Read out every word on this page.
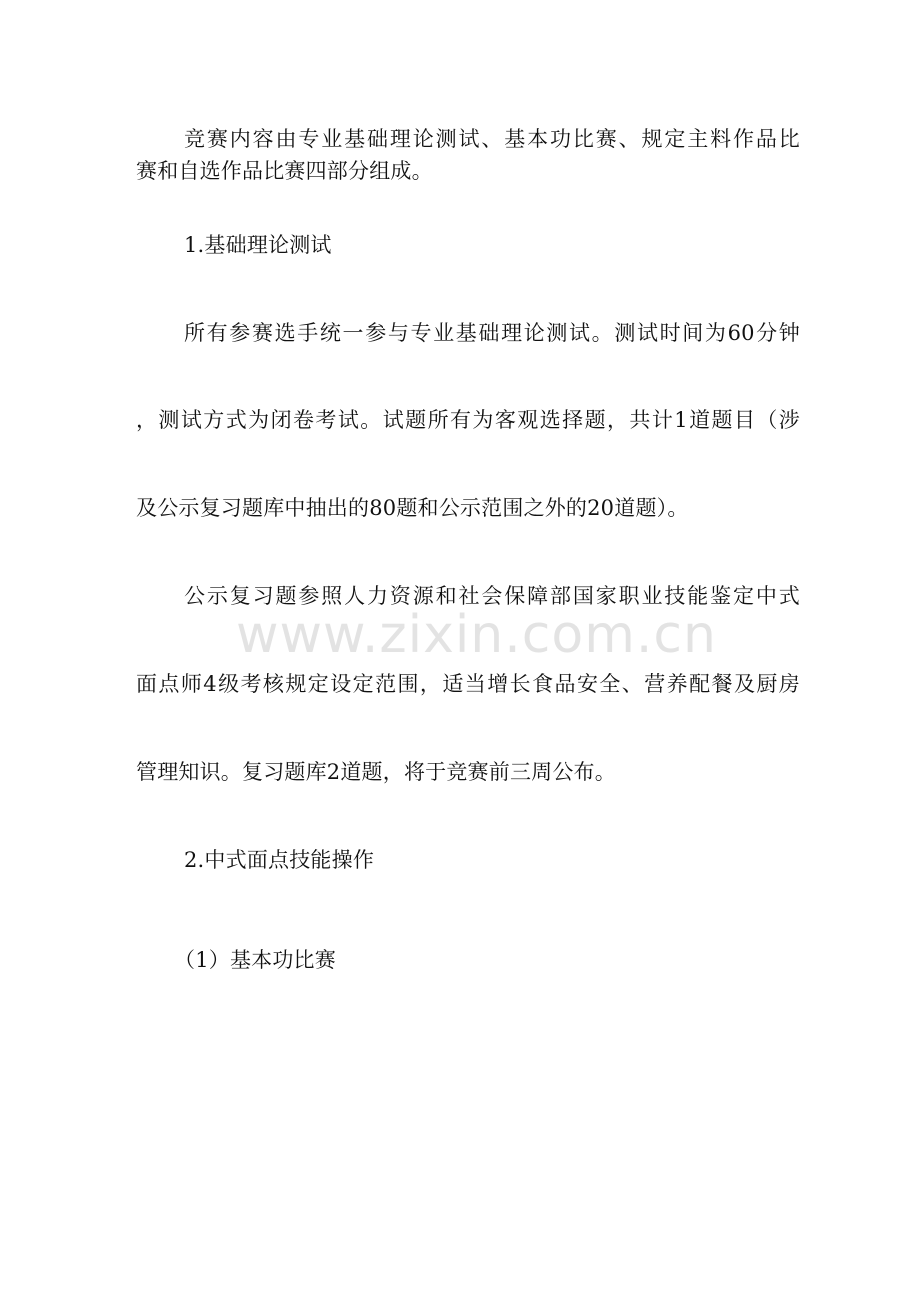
www.zixin.com.cn
竞赛内容由专业基础理论测试、基本功比赛、规定主料作品比
赛和自选作品比赛四部分组成。
1.基础理论测试
所有参赛选手统一参与专业基础理论测试。测试时间为60分钟
，测试方式为闭卷考试。试题所有为客观选择题，共计1道题目（涉
及公示复习题库中抽出的80题和公示范围之外的20道题）。
公示复习题参照人力资源和社会保障部国家职业技能鉴定中式
面点师4级考核规定设定范围，适当增长食品安全、营养配餐及厨房
管理知识。复习题库2道题，将于竞赛前三周公布。
2.中式面点技能操作
（1）基本功比赛
